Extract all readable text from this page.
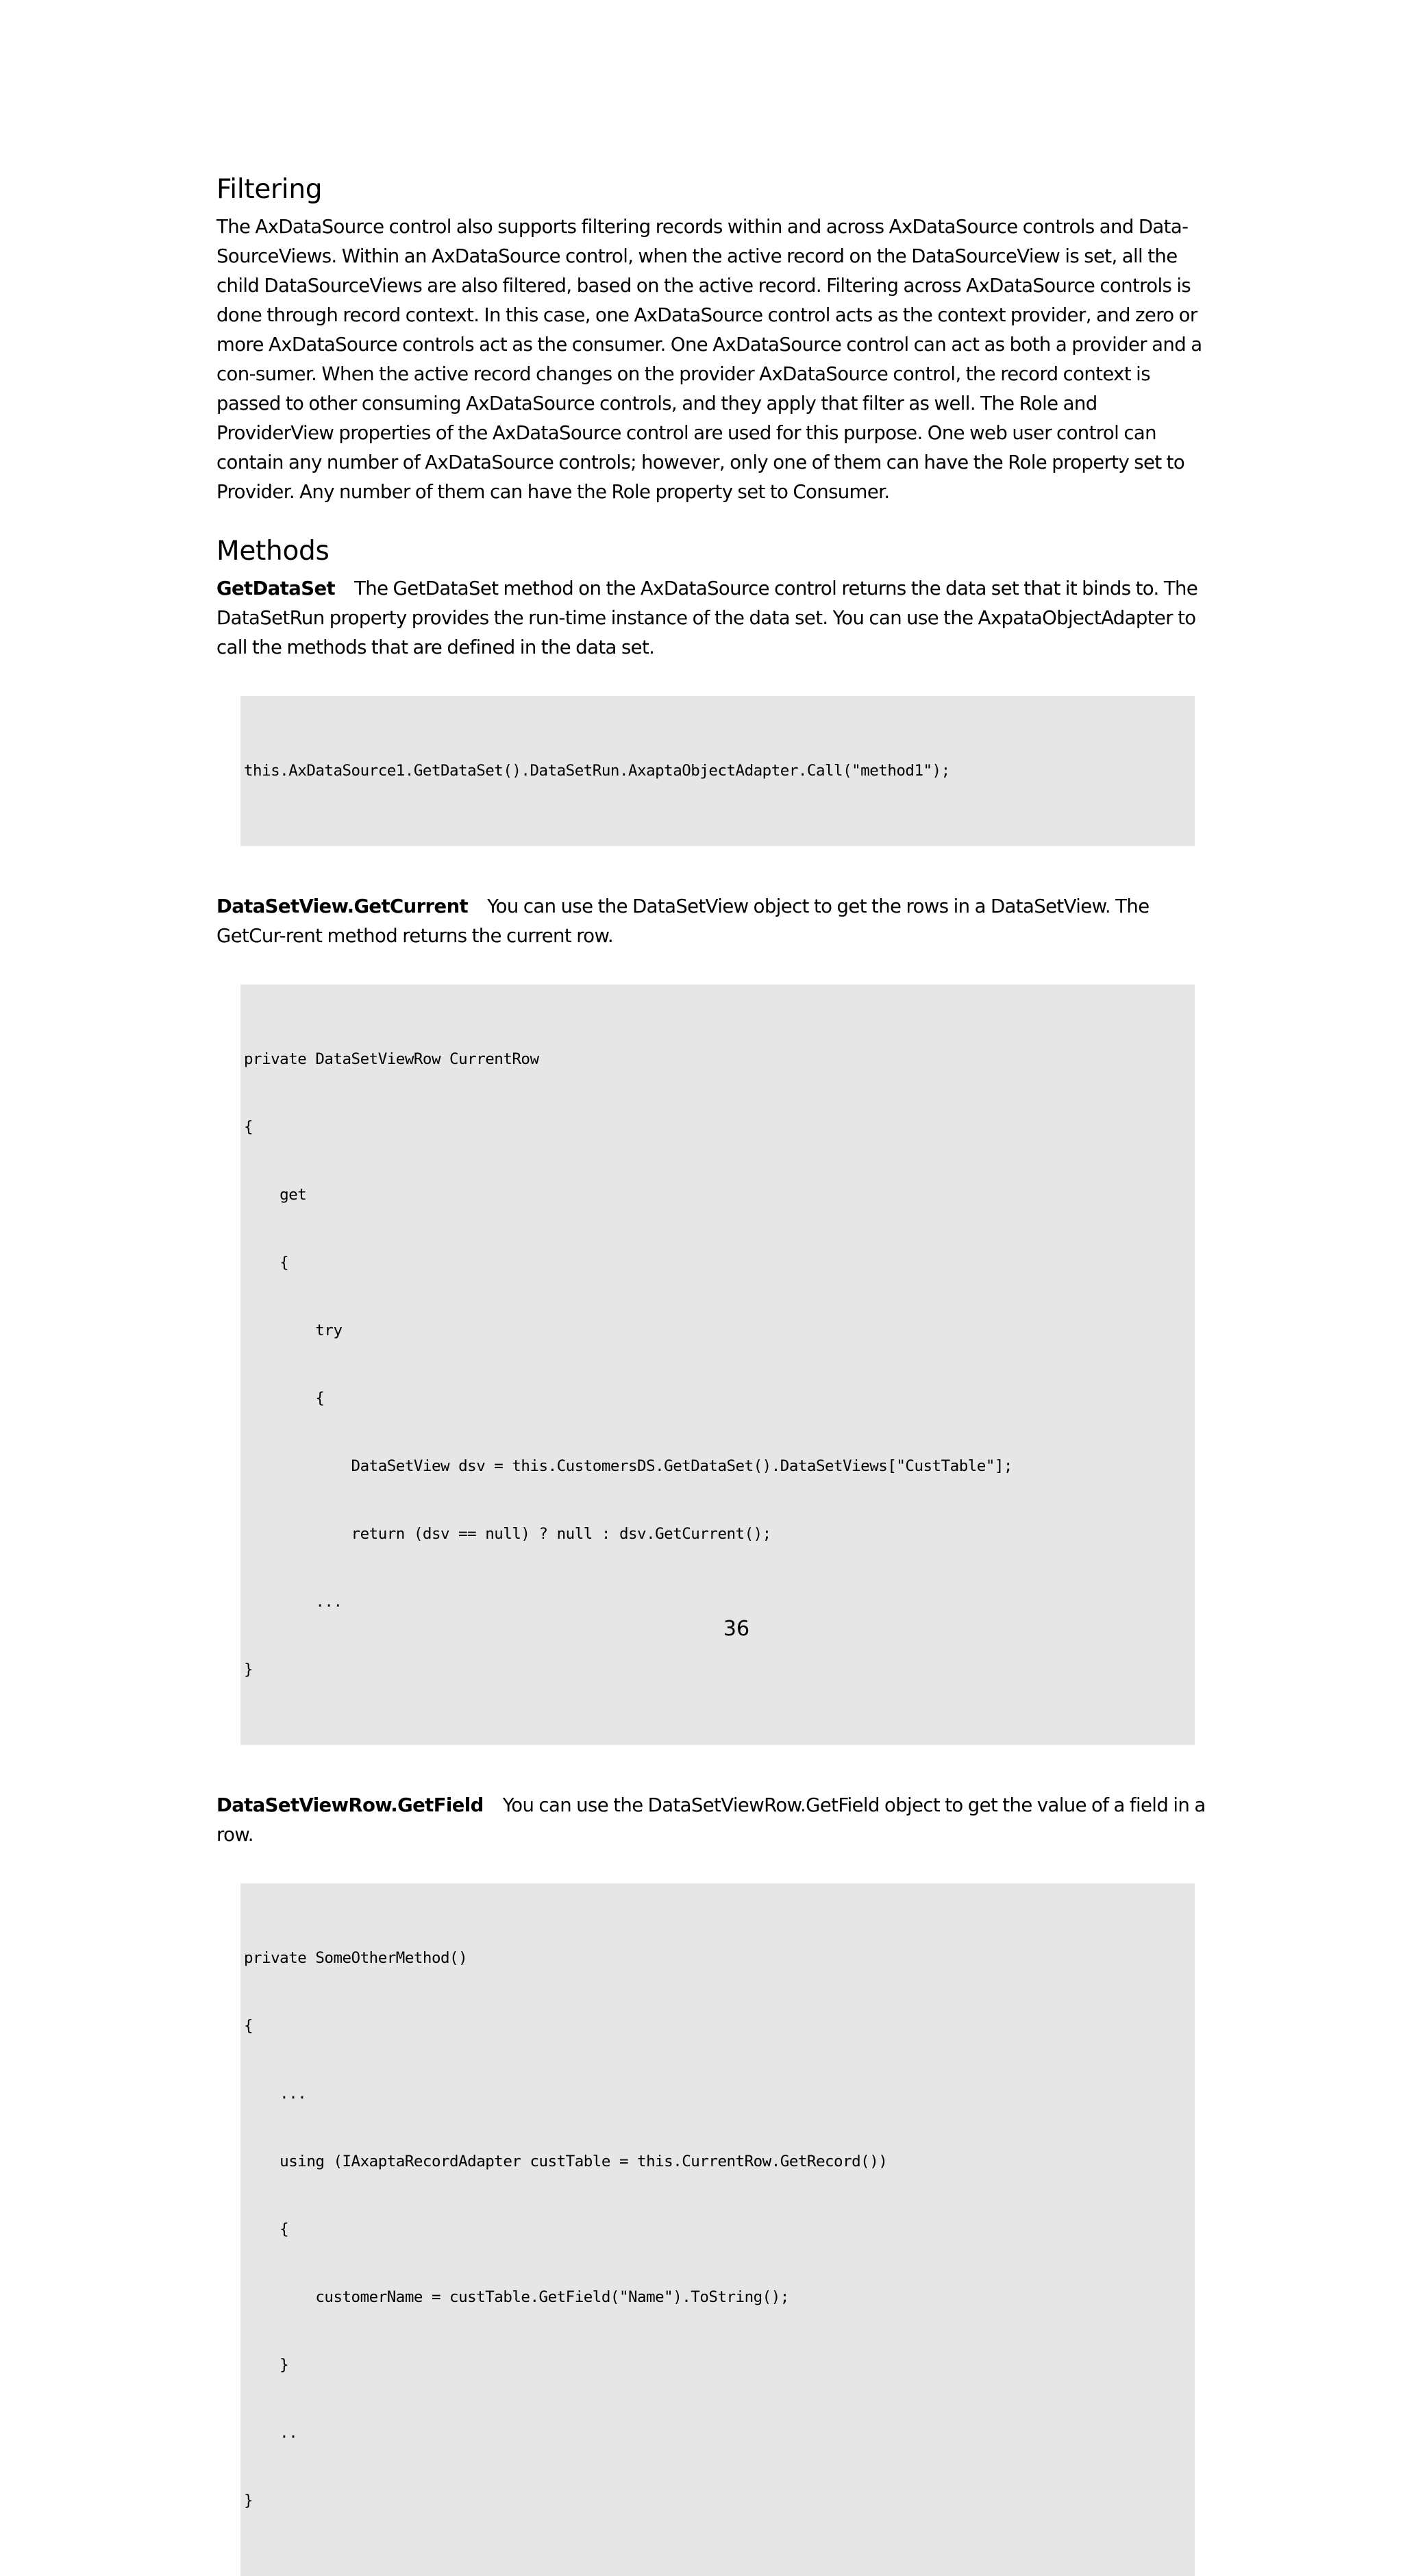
Filtering

The AxDataSource control also supports filtering records within and across AxDataSource controls and Data-SourceViews. Within an AxDataSource control, when the active record on the DataSourceView is set, all the child DataSourceViews are also filtered, based on the active record. Filtering across AxDataSource controls is done through record context. In this case, one AxDataSource control acts as the context provider, and zero or more AxDataSource controls act as the consumer. One AxDataSource control can act as both a provider and a con-sumer. When the active record changes on the provider AxDataSource control, the record context is passed to other consuming AxDataSource controls, and they apply that filter as well. The Role and ProviderView properties of the AxDataSource control are used for this purpose. One web user control can contain any number of AxDataSource controls; however, only one of them can have the Role property set to Provider. Any number of them can have the Role property set to Consumer.

Methods

GetDataSet The GetDataSet method on the AxDataSource control returns the data set that it binds to. The DataSetRun property provides the run-time instance of the data set. You can use the AxpataObjectAdapter to call the methods that are defined in the data set.

this.AxDataSource1.GetDataSet().DataSetRun.AxaptaObjectAdapter.Call("method1");

DataSetView.GetCurrent You can use the DataSetView object to get the rows in a DataSetView. The GetCur-rent method returns the current row.

private DataSetViewRow CurrentRow

{

get

{

try

{

DataSetView dsv = this.CustomersDS.GetDataSet().DataSetViews["CustTable"];

return (dsv == null) ? null : dsv.GetCurrent();

...

}

DataSetViewRow.GetField You can use the DataSetViewRow.GetField object to get the value of a field in a row.

private SomeOtherMethod()

{

...

using (IAxaptaRecordAdapter custTable = this.CurrentRow.GetRecord())

{

customerName = custTable.GetField("Name").ToString();

}

..

}

36
